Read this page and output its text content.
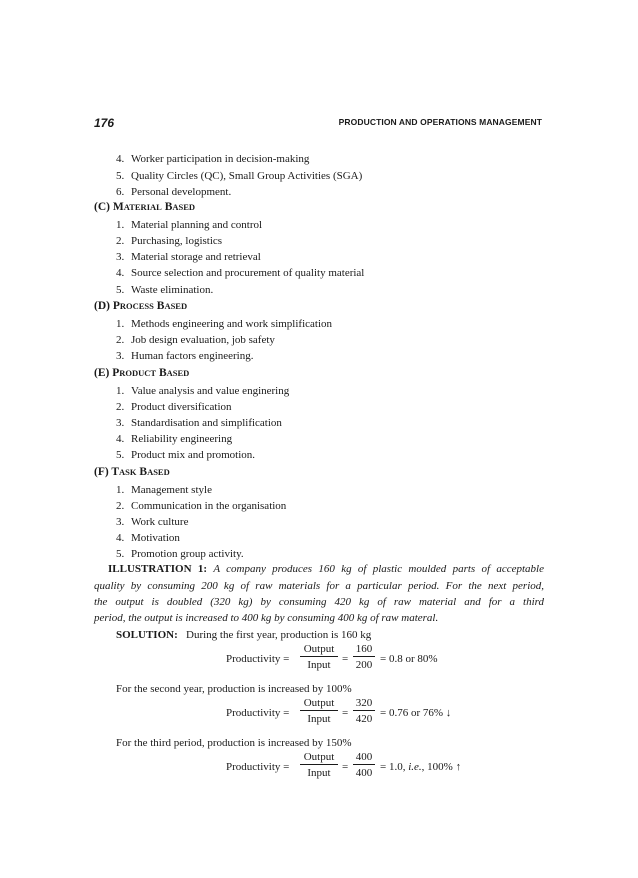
176	PRODUCTION AND OPERATIONS MANAGEMENT
4. Worker participation in decision-making
5. Quality Circles (QC), Small Group Activities (SGA)
6. Personal development.
(C) MATERIAL BASED
1. Material planning and control
2. Purchasing, logistics
3. Material storage and retrieval
4. Source selection and procurement of quality material
5. Waste elimination.
(D) PROCESS BASED
1. Methods engineering and work simplification
2. Job design evaluation, job safety
3. Human factors engineering.
(E) PRODUCT BASED
1. Value analysis and value enginering
2. Product diversification
3. Standardisation and simplification
4. Reliability engineering
5. Product mix and promotion.
(F) TASK BASED
1. Management style
2. Communication in the organisation
3. Work culture
4. Motivation
5. Promotion group activity.
ILLUSTRATION 1: A company produces 160 kg of plastic moulded parts of acceptable
quality by consuming 200 kg of raw materials for a particular period. For the next period,
the output is doubled (320 kg) by consuming 420 kg of raw material and for a third
period, the output is increased to 400 kg by consuming 400 kg of raw materal.
SOLUTION: During the first year, production is 160 kg
Productivity =
Output
Input	=
160
200 = 0.8 or 80%
For the second year, production is increased by 100%
Productivity =
Output
Input	=
320
420 = 0.76 or 76% ↓
For the third period, production is increased by 150%
Productivity =
Output
Input	=
400
400 = 1.0, i.e., 100% ↑
